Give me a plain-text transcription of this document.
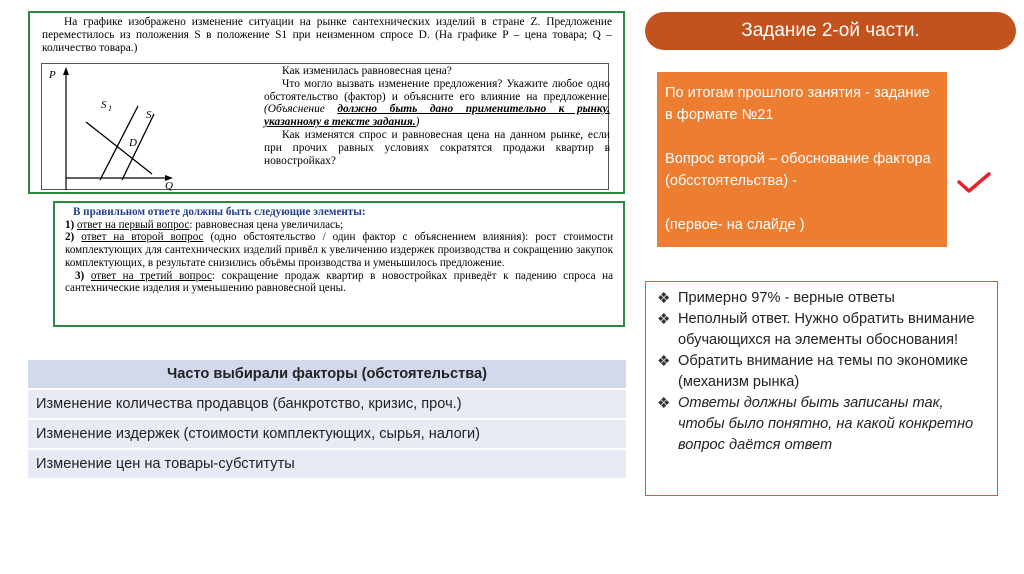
На графике изображено изменение ситуации на рынке сантехнических изделий в стране Z. Предложение переместилось из положения S в положение S1 при неизменном спросе D. (На графике P – цена товара; Q – количество товара.)
P
Q
S 1
S
D
Как изменилась равновесная цена?
Что могло вызвать изменение предложения? Укажите любое одно обстоятельство (фактор) и объясните его влияние на предложение. (Объяснение должно быть дано применительно к рынку, указанному в тексте задания.)
Как изменятся спрос и равновесная цена на данном рынке, если при прочих равных условиях сократятся продажи квартир в новостройках?
В правильном ответе должны быть следующие элементы:
1) ответ на первый вопрос: равновесная цена увеличилась;
2) ответ на второй вопрос (одно обстоятельство / один фактор с объяснением влияния): рост стоимости комплектующих для сантехнических изделий привёл к увеличению издержек производства и сокращению закупок комплектующих, в результате снизились объёмы производства и уменьшилось предложение.
3) ответ на третий вопрос: сокращение продаж квартир в новостройках приведёт к падению спроса на сантехнические изделия и уменьшению равновесной цены.
Задание 2-ой части.

По итогам прошлого занятия - задание в формате №21

Вопрос второй – обоснование фактора (обсстоятельства) -

(первое- на слайде )

❖ Примерно 97% - верные ответы
❖ Неполный ответ. Нужно обратить внимание обучающихся на элементы обоснования!
❖ Обратить внимание на темы по экономике (механизм рынка)
❖ Ответы должны быть записаны так, чтобы было понятно, на какой конкретно вопрос даётся ответ
Часто выбирали факторы (обстоятельства)
Изменение количества продавцов (банкротство, кризис, проч.)
Изменение издержек (стоимости комплектующих, сырья, налоги)
Изменение цен на товары-субституты
